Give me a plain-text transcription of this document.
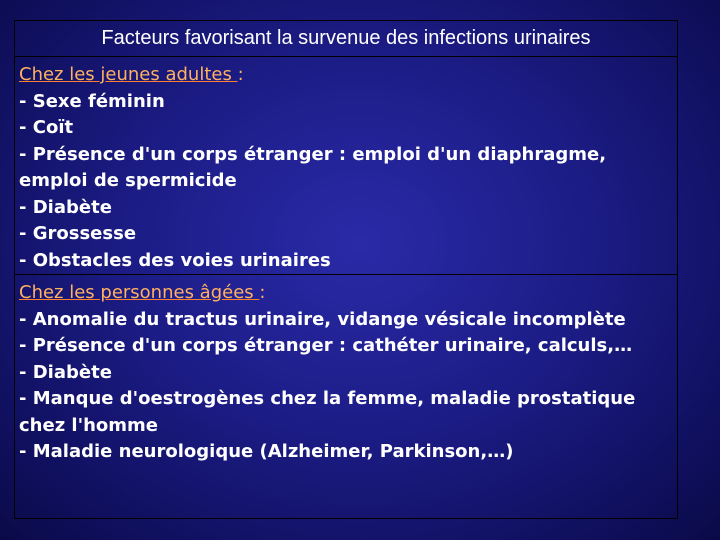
Facteurs favorisant la survenue des infections urinaires
Chez les jeunes adultes :
- Sexe féminin
- Coït
- Présence d'un corps étranger : emploi d'un diaphragme, emploi de spermicide
- Diabète
- Grossesse
- Obstacles des voies urinaires
Chez les personnes âgées :
- Anomalie du tractus urinaire, vidange vésicale incomplète
- Présence d'un corps étranger : cathéter urinaire, calculs,…
- Diabète
- Manque d'oestrogènes chez la femme, maladie prostatique chez l'homme
- Maladie neurologique (Alzheimer, Parkinson,…)
